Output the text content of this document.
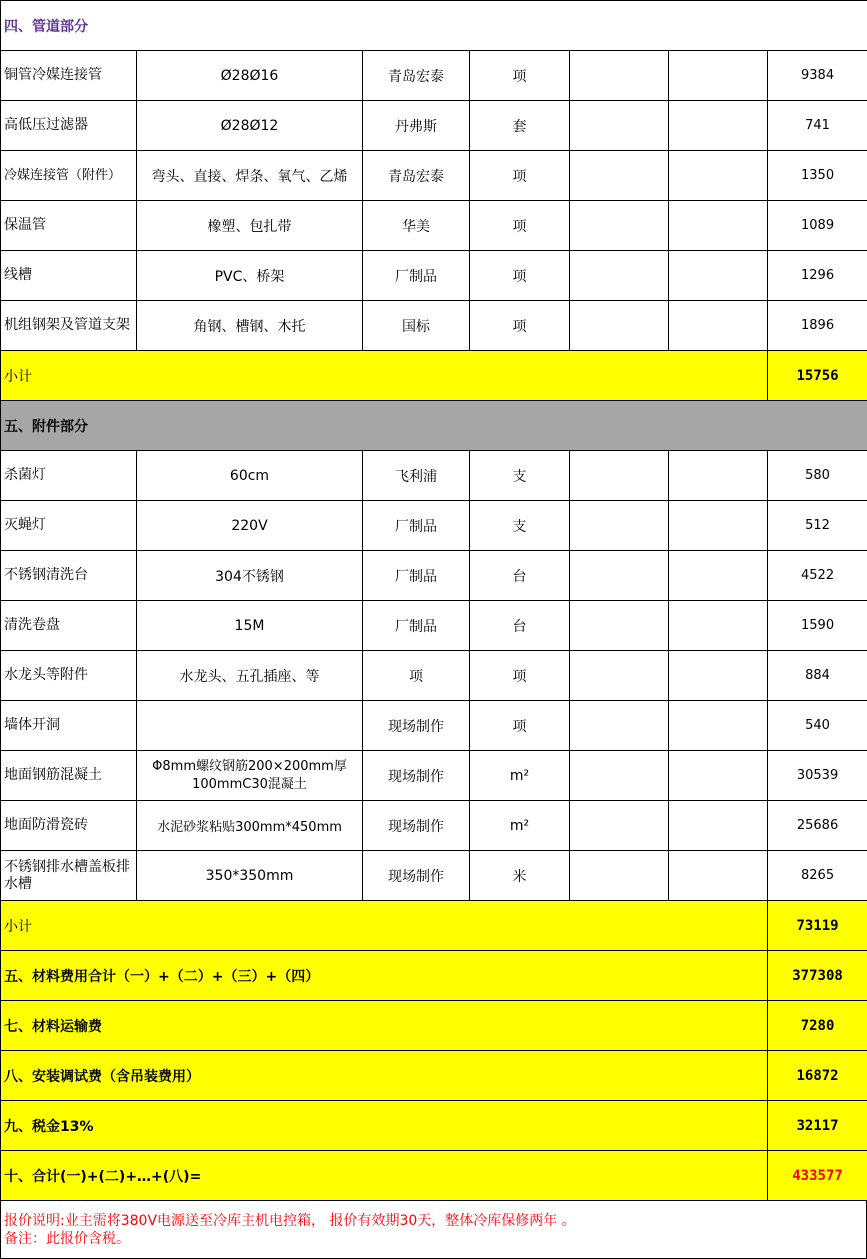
四、管道部分						
铜管冷媒连接管	Ø28Ø16	青岛宏泰	项			9384
高低压过滤器	Ø28Ø12	丹弗斯	套			741
冷媒连接管（附件）	弯头、直接、焊条、氧气、乙烯	青岛宏泰	项			1350
保温管	橡塑、包扎带	华美	项			1089
线槽	PVC、桥架	厂制品	项			1296
机组钢架及管道支架	角钢、槽钢、木托	国标	项			1896
小计						15756
五、附件部分						
杀菌灯	60cm	飞利浦	支			580
灭蝇灯	220V	厂制品	支			512
不锈钢清洗台	304不锈钢	厂制品	台			4522
清洗卷盘	15M	厂制品	台			1590
水龙头等附件	水龙头、五孔插座、等	项	项			884
墙体开洞		现场制作	项			540
地面钢筋混凝土	Φ8mm螺纹钢筋200×200mm厚100mmC30混凝土	现场制作	m²			30539
地面防滑瓷砖	水泥砂浆粘贴300mm*450mm	现场制作	m²			25686
不锈钢排水槽盖板排水槽	350*350mm	现场制作	米			8265
小计						73119
五、材料费用合计（一）+（二）+（三）+（四）						377308
七、材料运输费						7280
八、安装调试费（含吊装费用）						16872
九、税金13%						32117
十、合计(一)+(二)+…+(八)=						433577
报价说明:业主需将380V电源送至冷库主机电控箱， 报价有效期30天，整体冷库保修两年 。
备注：此报价含税。
